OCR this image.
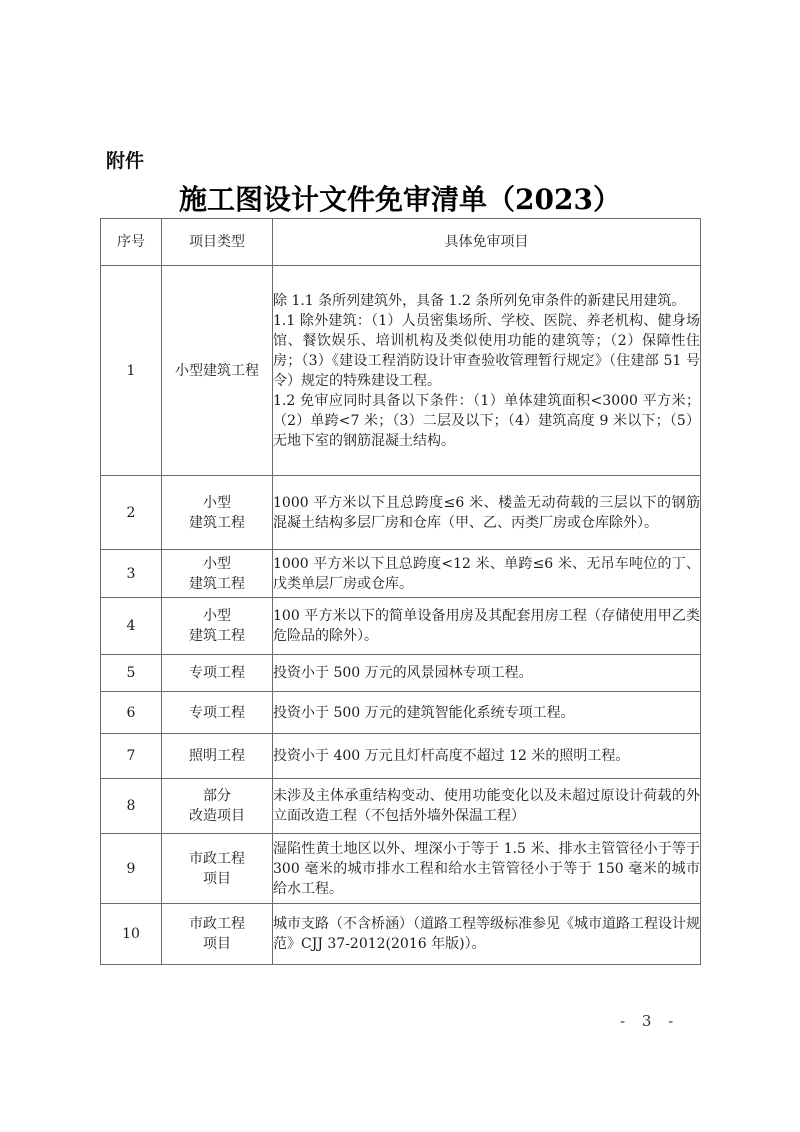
附件
施工图设计文件免审清单（2023）
序号	项目类型	具体免审项目
1	小型建筑工程	除 1.1 条所列建筑外，具备 1.2 条所列免审条件的新建民用建筑。
1.1 除外建筑：（1）人员密集场所、学校、医院、养老机构、健身场馆、餐饮娱乐、培训机构及类似使用功能的建筑等；（2）保障性住房；（3）《建设工程消防设计审查验收管理暂行规定》（住建部 51 号令）规定的特殊建设工程。
1.2 免审应同时具备以下条件：（1）单体建筑面积<3000 平方米；（2）单跨<7 米；（3）二层及以下；（4）建筑高度 9 米以下；（5）无地下室的钢筋混凝土结构。
2	小型
建筑工程	1000 平方米以下且总跨度≤6 米、楼盖无动荷载的三层以下的钢筋混凝土结构多层厂房和仓库（甲、乙、丙类厂房或仓库除外）。
3	小型
建筑工程	1000 平方米以下且总跨度<12 米、单跨≤6 米、无吊车吨位的丁、戊类单层厂房或仓库。
4	小型
建筑工程	100 平方米以下的简单设备用房及其配套用房工程（存储使用甲乙类危险品的除外）。
5	专项工程	投资小于 500 万元的风景园林专项工程。
6	专项工程	投资小于 500 万元的建筑智能化系统专项工程。
7	照明工程	投资小于 400 万元且灯杆高度不超过 12 米的照明工程。
8	部分
改造项目	未涉及主体承重结构变动、使用功能变化以及未超过原设计荷载的外立面改造工程（不包括外墙外保温工程）
9	市政工程
项目	湿陷性黄土地区以外、埋深小于等于 1.5 米、排水主管管径小于等于 300 毫米的城市排水工程和给水主管管径小于等于 150 毫米的城市给水工程。
10	市政工程
项目	城市支路（不含桥涵）（道路工程等级标准参见《城市道路工程设计规范》CJJ 37-2012(2016 年版)）。
- 3 -
